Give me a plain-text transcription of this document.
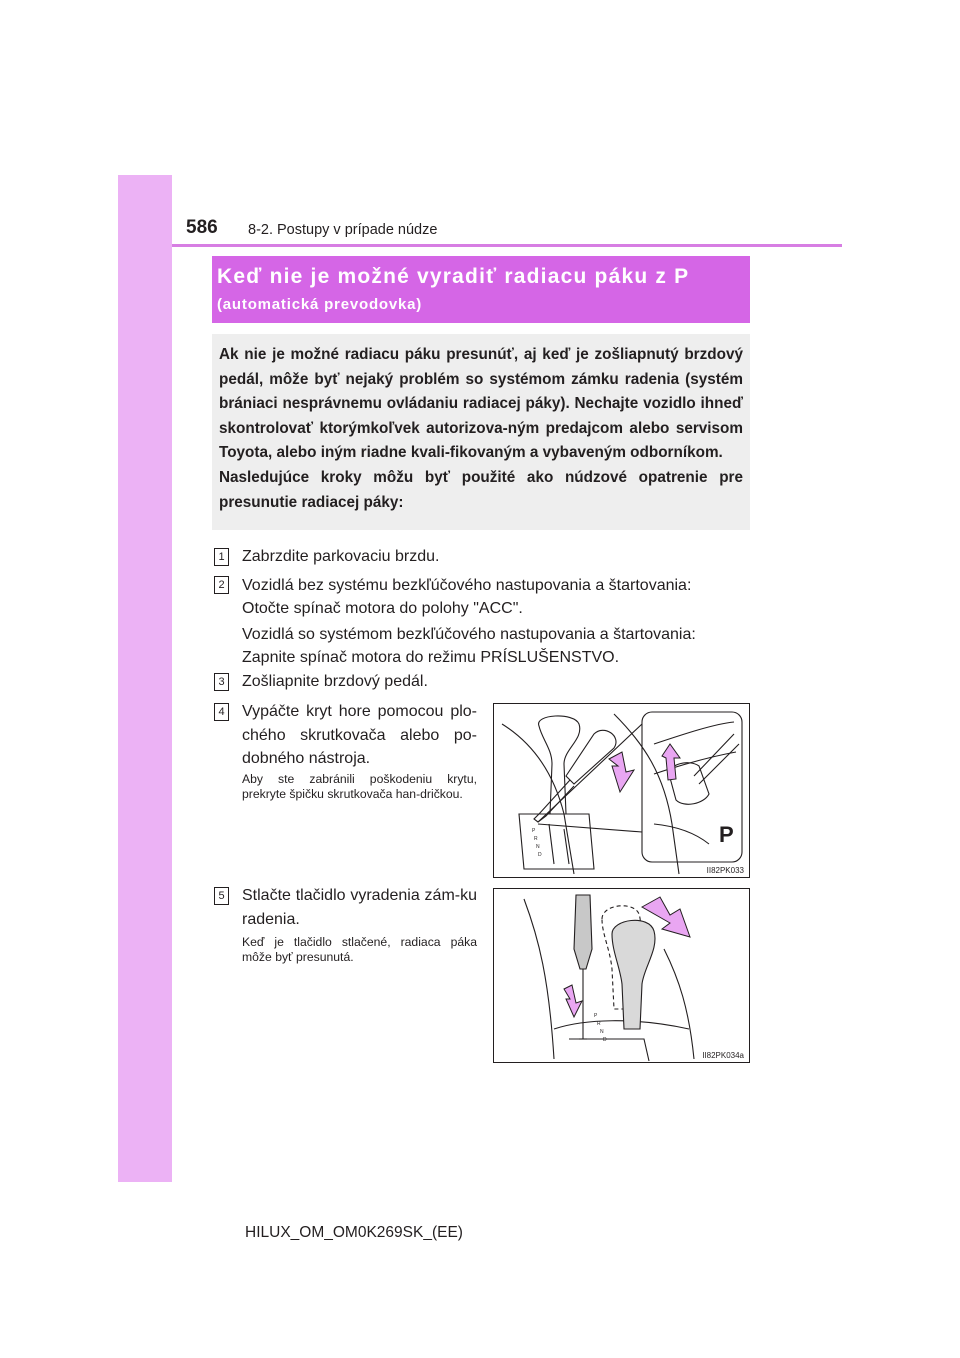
586 8-2. Postupy v prípade núdze
Keď nie je možné vyradiť radiacu páku z P
(automatická prevodovka)

Ak nie je možné radiacu páku presunúť, aj keď je zošliapnutý brzdový pedál, môže byť nejaký problém so systémom zámku radenia (systém brániaci nesprávnemu ovládaniu radiacej páky). Nechajte vozidlo ihneď skontrolovať ktorýmkoľvek autorizova-ným predajcom alebo servisom Toyota, alebo iným riadne kvali-fikovaným a vybaveným odborníkom.

Nasledujúce kroky môžu byť použité ako núdzové opatrenie pre presunutie radiacej páky:

1 Zabrzdite parkovaciu brzdu.

2 Vozidlá bez systému bezkľúčového nastupovania a štartovania:

Otočte spínač motora do polohy "ACC".

Vozidlá so systémom bezkľúčového nastupovania a štartovania:

Zapnite spínač motora do režimu PRÍSLUŠENSTVO.

3 Zošliapnite brzdový pedál.

4 Vypáčte kryt hore pomocou plo-chého skrutkovača alebo po-dobného nástroja.

Aby ste zabránili poškodeniu krytu, prekryte špičku skrutkovača han-dričkou.

P
R
N
D
P
II82PK033
5 Stlačte tlačidlo vyradenia zám-ku radenia.

Keď je tlačidlo stlačené, radiaca páka môže byť presunutá.

P
R
N
D
II82PK034a
HILUX_OM_OM0K269SK_(EE)
